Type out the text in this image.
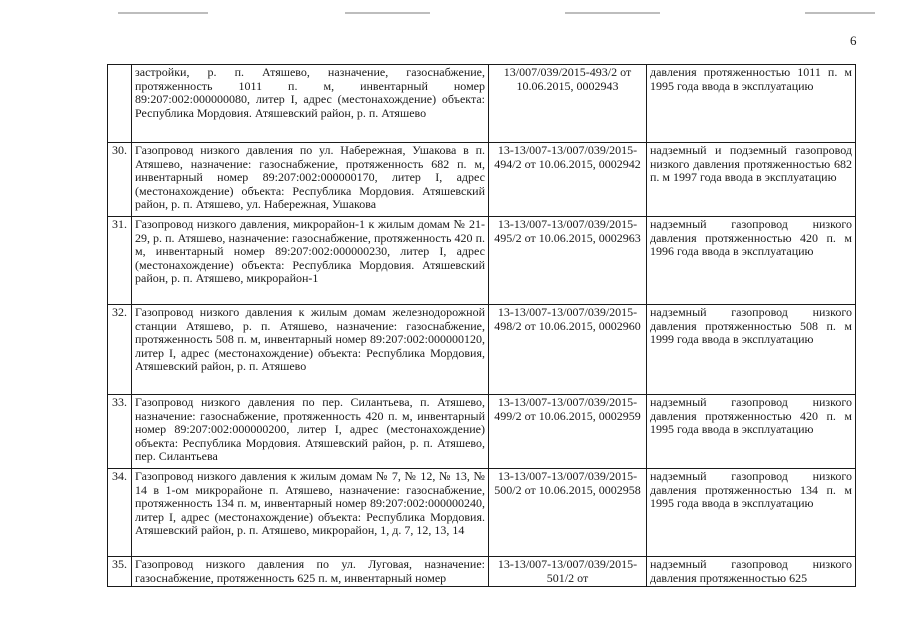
6
	застройки, р. п. Атяшево, назначение, газоснабжение, протяженность 1011 п. м, инвентарный номер 89:207:002:000000080, литер I, адрес (местонахождение) объекта: Республика Мордовия. Атяшевский район, р. п. Атяшево	13/007/039/2015-493/2 от 10.06.2015, 0002943	давления протяженностью 1011 п. м 1995 года ввода в эксплуатацию
30.	Газопровод низкого давления по ул. Набережная, Ушакова в п. Атяшево, назначение: газоснабжение, протяженность 682 п. м, инвентарный номер 89:207:002:000000170, литер I, адрес (местонахождение) объекта: Республика Мордовия. Атяшевский район, р. п. Атяшево, ул. Набережная, Ушакова	13-13/007-13/007/039/2015-494/2 от 10.06.2015, 0002942	надземный и подземный газопровод низкого давления протяженностью 682 п. м 1997 года ввода в эксплуатацию
31.	Газопровод низкого давления, микрорайон-1 к жилым домам № 21-29, р. п. Атяшево, назначение: газоснабжение, протяженность 420 п. м, инвентарный номер 89:207:002:000000230, литер I, адрес (местонахождение) объекта: Республика Мордовия. Атяшевский район, р. п. Атяшево, микрорайон-1	13-13/007-13/007/039/2015-495/2 от 10.06.2015, 0002963	надземный газопровод низкого давления протяженностью 420 п. м 1996 года ввода в эксплуатацию
32.	Газопровод низкого давления к жилым домам железнодорожной станции Атяшево, р. п. Атяшево, назначение: газоснабжение, протяженность 508 п. м, инвентарный номер 89:207:002:000000120, литер I, адрес (местонахождение) объекта: Республика Мордовия, Атяшевский район, р. п. Атяшево	13-13/007-13/007/039/2015-498/2 от 10.06.2015, 0002960	надземный газопровод низкого давления протяженностью 508 п. м 1999 года ввода в эксплуатацию
33.	Газопровод низкого давления по пер. Силантьева, п. Атяшево, назначение: газоснабжение, протяженность 420 п. м, инвентарный номер 89:207:002:000000200, литер I, адрес (местонахождение) объекта: Республика Мордовия. Атяшевский район, р. п. Атяшево, пер. Силантьева	13-13/007-13/007/039/2015-499/2 от 10.06.2015, 0002959	надземный газопровод низкого давления протяженностью 420 п. м 1995 года ввода в эксплуатацию
34.	Газопровод низкого давления к жилым домам № 7, № 12, № 13, № 14 в 1-ом микрорайоне п. Атяшево, назначение: газоснабжение, протяженность 134 п. м, инвентарный номер 89:207:002:000000240, литер I, адрес (местонахождение) объекта: Республика Мордовия. Атяшевский район, р. п. Атяшево, микрорайон, 1, д. 7, 12, 13, 14	13-13/007-13/007/039/2015-500/2 от 10.06.2015, 0002958	надземный газопровод низкого давления протяженностью 134 п. м 1995 года ввода в эксплуатацию
35.	Газопровод низкого давления по ул. Луговая, назначение: газоснабжение, протяженность 625 п. м, инвентарный номер	13-13/007-13/007/039/2015-501/2 от	надземный газопровод низкого давления протяженностью 625
